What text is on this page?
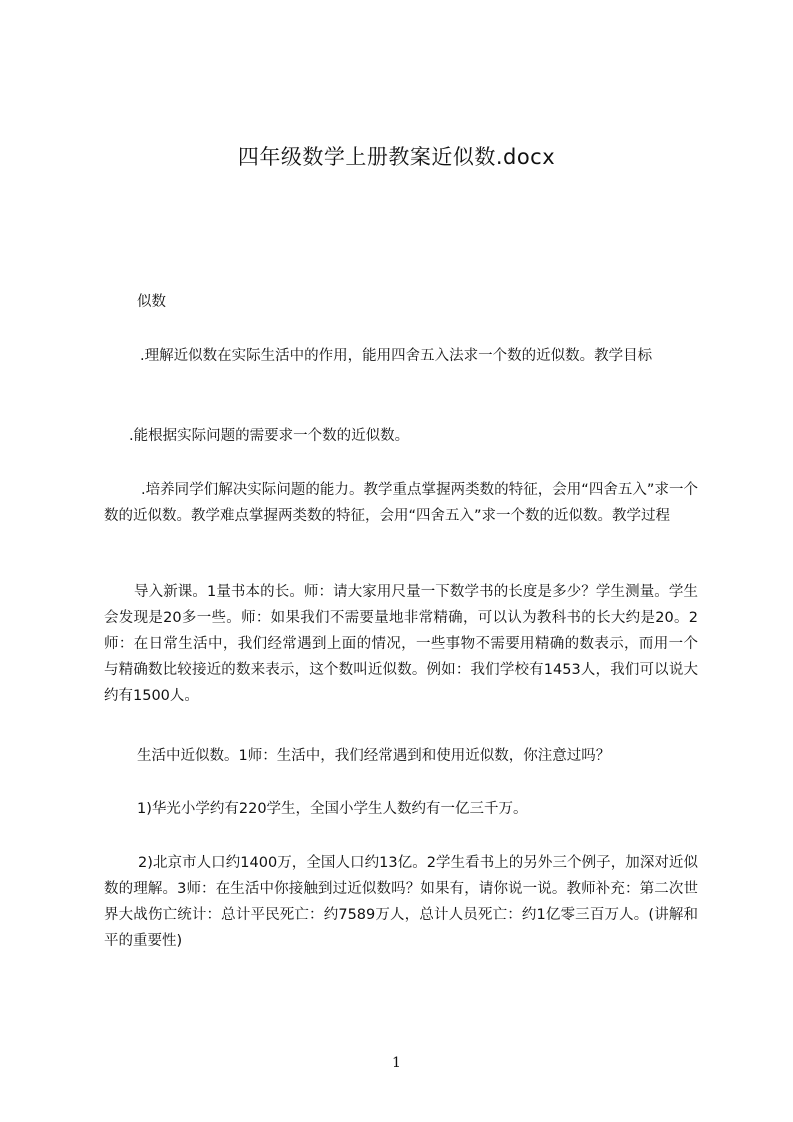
四年级数学上册教案近似数.docx

似数

.理解近似数在实际生活中的作用，能用四舍五入法求一个数的近似数。教学目标

.能根据实际问题的需要求一个数的近似数。

.培养同学们解决实际问题的能力。教学重点掌握两类数的特征，会用“四舍五入”求一个数的近似数。教学难点掌握两类数的特征，会用“四舍五入”求一个数的近似数。教学过程

导入新课。1量书本的长。师：请大家用尺量一下数学书的长度是多少？学生测量。学生会发现是20多一些。师：如果我们不需要量地非常精确，可以认为教科书的长大约是20。2师：在日常生活中，我们经常遇到上面的情况，一些事物不需要用精确的数表示，而用一个与精确数比较接近的数来表示，这个数叫近似数。例如：我们学校有1453人，我们可以说大约有1500人。

生活中近似数。1师：生活中，我们经常遇到和使用近似数，你注意过吗？

1)华光小学约有220学生，全国小学生人数约有一亿三千万。

2)北京市人口约1400万，全国人口约13亿。2学生看书上的另外三个例子，加深对近似数的理解。3师：在生活中你接触到过近似数吗？如果有，请你说一说。教师补充：第二次世界大战伤亡统计：总计平民死亡：约7589万人，总计人员死亡：约1亿零三百万人。(讲解和平的重要性)

1
